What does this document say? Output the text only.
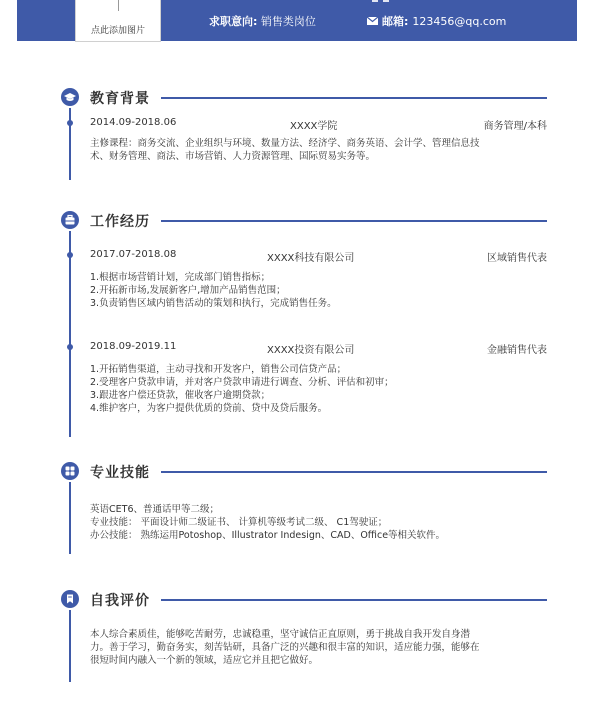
点此添加图片
求职意向: 销售类岗位	邮箱: 123456@qq.com
教育背景
2014.09-2018.06	XXXX学院	商务管理/本科
主修课程：商务交流、企业组织与环境、数量方法、经济学、商务英语、会计学、管理信息技
术、财务管理、商法、市场营销、人力资源管理、国际贸易实务等。
工作经历
2017.07-2018.08	XXXX科技有限公司	区域销售代表
1.根据市场营销计划，完成部门销售指标；
2.开拓新市场,发展新客户,增加产品销售范围；
3.负责销售区域内销售活动的策划和执行，完成销售任务。
2018.09-2019.11	XXXX投资有限公司	金融销售代表
1.开拓销售渠道，主动寻找和开发客户，销售公司信贷产品；
2.受理客户贷款申请，并对客户贷款申请进行调查、分析、评估和初审；
3.跟进客户偿还贷款，催收客户逾期贷款；
4.维护客户，为客户提供优质的贷前、贷中及贷后服务。
专业技能
英语CET6、普通话甲等二级；
专业技能： 平面设计师二级证书、 计算机等级考试二级、 C1驾驶证；
办公技能： 熟练运用Potoshop、Illustrator Indesign、CAD、Office等相关软件。
自我评价
本人综合素质佳，能够吃苦耐劳，忠诚稳重，坚守诚信正直原则，勇于挑战自我开发自身潜
力。善于学习，勤奋务实，刻苦钻研，具备广泛的兴趣和很丰富的知识，适应能力强，能够在
很短时间内融入一个新的领域，适应它并且把它做好。
